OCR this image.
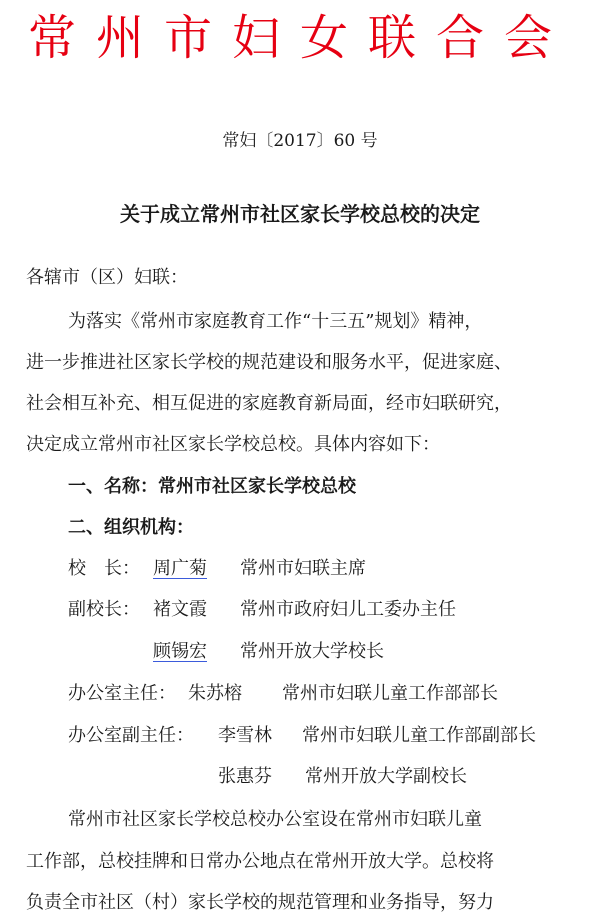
常州市妇女联合会
常妇〔2017〕60 号
关于成立常州市社区家长学校总校的决定
各辖市（区）妇联：
为落实《常州市家庭教育工作“十三五”规划》精神，
进一步推进社区家长学校的规范建设和服务水平，促进家庭、
社会相互补充、相互促进的家庭教育新局面，经市妇联研究，
决定成立常州市社区家长学校总校。具体内容如下：
一、名称：常州市社区家长学校总校
二、组织机构：
校　长： 周广菊 常州市妇联主席
副校长： 褚文霞 常州市政府妇儿工委办主任
顾锡宏 常州开放大学校长
办公室主任： 朱苏榕 常州市妇联儿童工作部部长
办公室副主任： 李雪林 常州市妇联儿童工作部副部长
张惠芬 常州开放大学副校长
常州市社区家长学校总校办公室设在常州市妇联儿童
工作部，总校挂牌和日常办公地点在常州开放大学。总校将
负责全市社区（村）家长学校的规范管理和业务指导，努力
